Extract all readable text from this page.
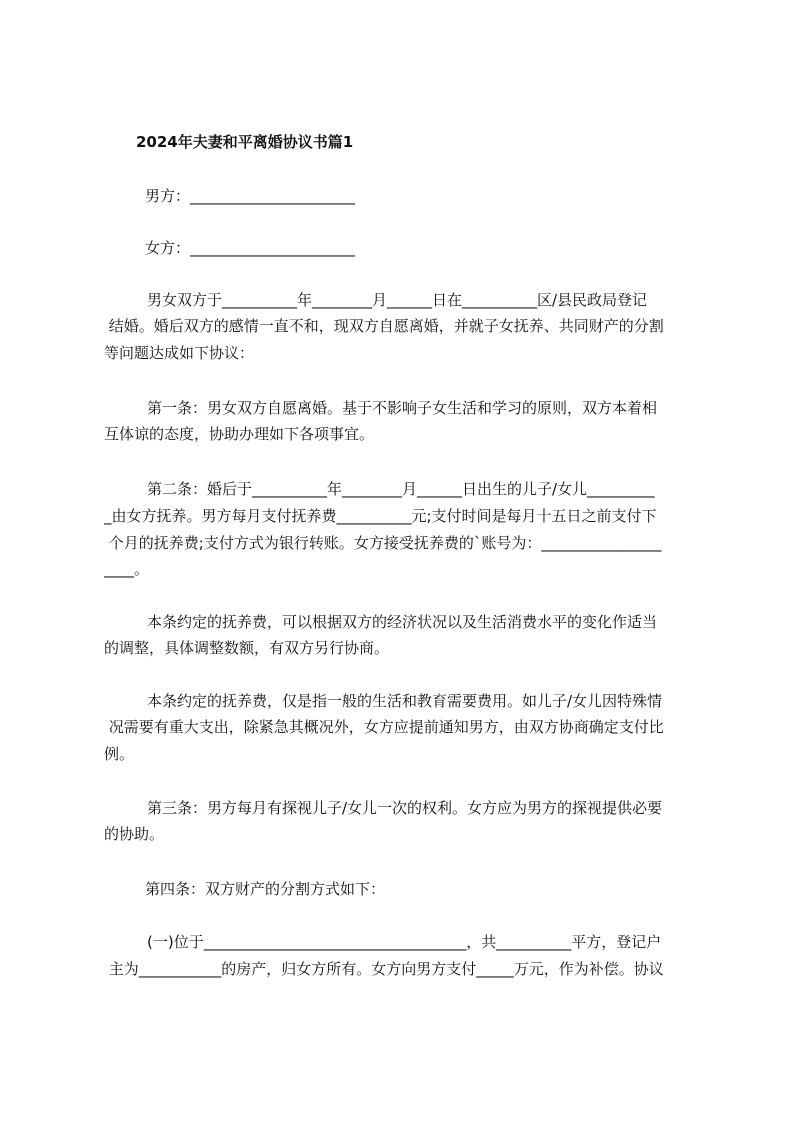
2024年夫妻和平离婚协议书篇1
男方：______________________
女方：______________________
男女双方于__________年________月______日在__________区/县民政局登记
结婚。婚后双方的感情一直不和，现双方自愿离婚，并就子女抚养、共同财产的分割
等问题达成如下协议：
第一条：男女双方自愿离婚。基于不影响子女生活和学习的原则，双方本着相
互体谅的态度，协助办理如下各项事宜。
第二条：婚后于__________年________月______日出生的儿子/女儿_________
_由女方抚养。男方每月支付抚养费__________元;支付时间是每月十五日之前支付下
个月的抚养费;支付方式为银行转账。女方接受抚养费的`账号为：________________
____。
本条约定的抚养费，可以根据双方的经济状况以及生活消费水平的变化作适当
的调整，具体调整数额，有双方另行协商。
本条约定的抚养费，仅是指一般的生活和教育需要费用。如儿子/女儿因特殊情
况需要有重大支出，除紧急其概况外，女方应提前通知男方，由双方协商确定支付比
例。
第三条：男方每月有探视儿子/女儿一次的权利。女方应为男方的探视提供必要
的协助。
第四条：双方财产的分割方式如下：
(一)位于___________________________________，共__________平方，登记户
主为___________的房产，归女方所有。女方向男方支付_____万元，作为补偿。协议
